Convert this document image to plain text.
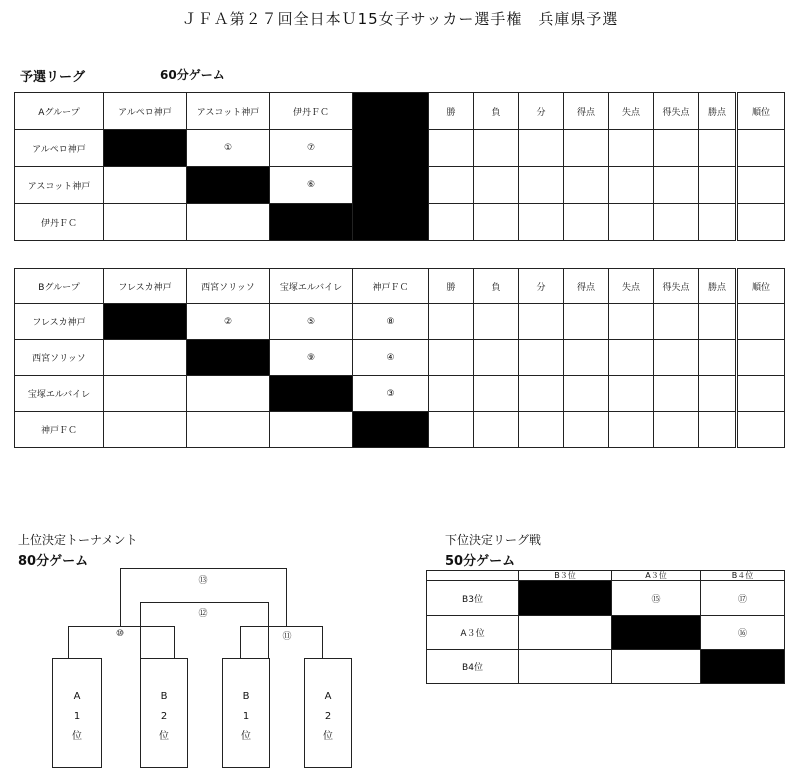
ＪＦＡ第２７回全日本Ｕ15女子サッカー選手権　兵庫県予選
予選リーグ	60分ゲーム
Aグループ	アルペロ神戸	アスコット神戸	伊丹ＦＣ		勝	負	分	得点	失点	得失点	勝点	順位
アルペロ神戸		①	⑦									
アスコット神戸			⑥									
伊丹ＦＣ												
Bグループ	フレスカ神戸	西宮ソリッソ	宝塚エルバイレ	神戸ＦＣ	勝	負	分	得点	失点	得失点	勝点	順位
フレスカ神戸		②	⑤	⑧								
西宮ソリッソ			⑨	④								
宝塚エルバイレ				③								
神戸ＦＣ												
上位決定トーナメント
80分ゲーム
⑬
⑫
⑩	⑪
A
1
位
B
2
位
B
1
位
A
2
位
下位決定リーグ戦
50分ゲーム
	B３位	A３位	B４位
B3位		⑮	⑰
A３位			⑯
B4位			
